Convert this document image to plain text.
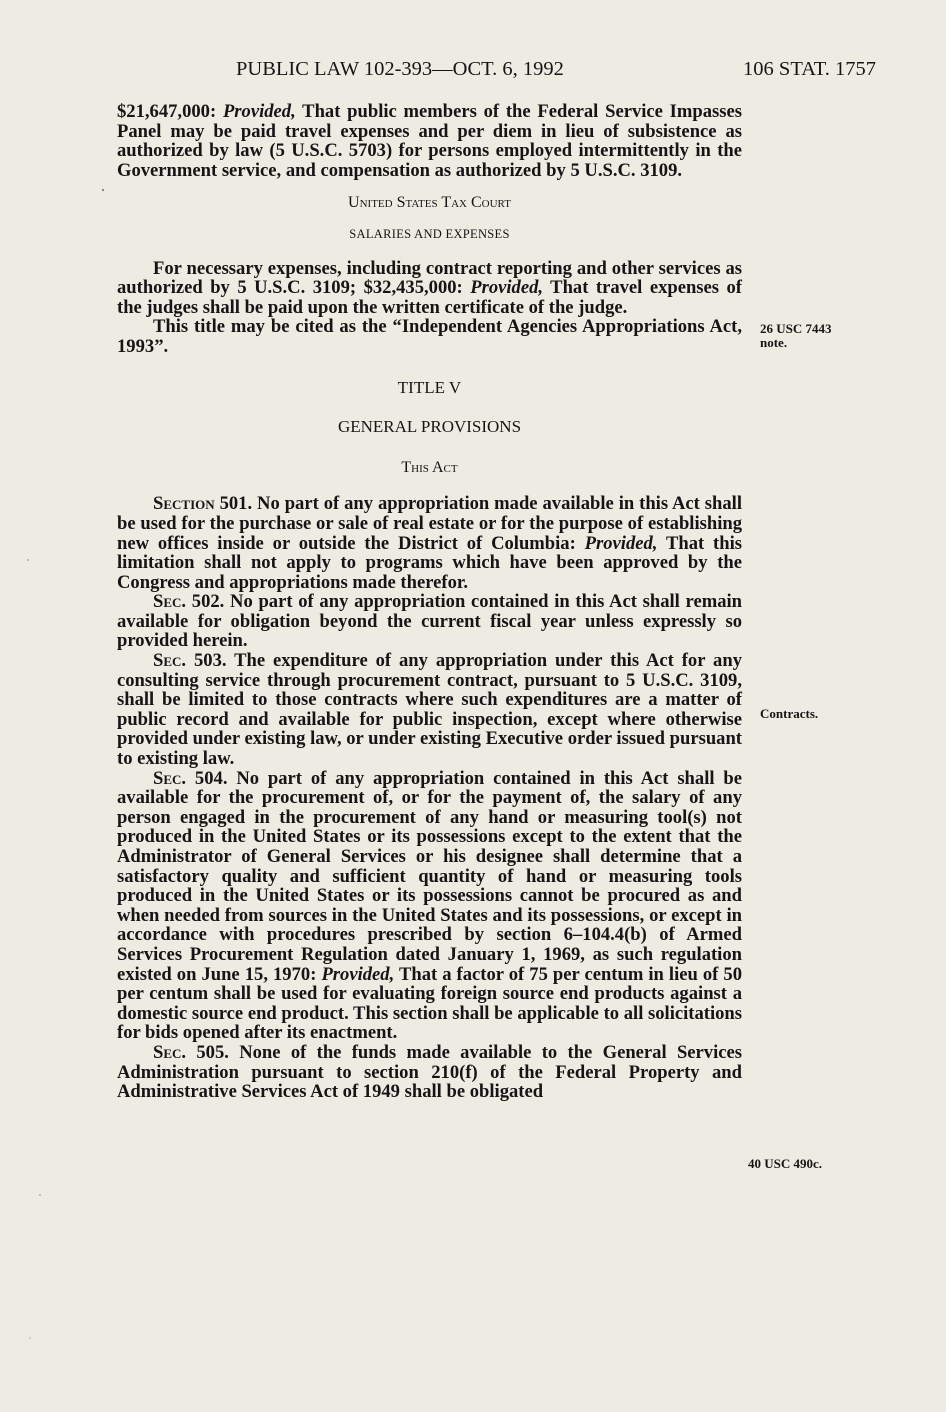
PUBLIC LAW 102-393—OCT. 6, 1992	106 STAT. 1757

$21,647,000: Provided, That public members of the Federal Service Impasses Panel may be paid travel expenses and per diem in lieu of subsistence as authorized by law (5 U.S.C. 5703) for persons employed intermittently in the Government service, and compensation as authorized by 5 U.S.C. 3109.

United States Tax Court
SALARIES AND EXPENSES

For necessary expenses, including contract reporting and other services as authorized by 5 U.S.C. 3109; $32,435,000: Provided, That travel expenses of the judges shall be paid upon the written certificate of the judge.

This title may be cited as the “Independent Agencies Appropriations Act, 1993”.

TITLE V
GENERAL PROVISIONS
This Act

Section 501. No part of any appropriation made available in this Act shall be used for the purchase or sale of real estate or for the purpose of establishing new offices inside or outside the District of Columbia: Provided, That this limitation shall not apply to programs which have been approved by the Congress and appropriations made therefor.

Sec. 502. No part of any appropriation contained in this Act shall remain available for obligation beyond the current fiscal year unless expressly so provided herein.

Sec. 503. The expenditure of any appropriation under this Act for any consulting service through procurement contract, pursuant to 5 U.S.C. 3109, shall be limited to those contracts where such expenditures are a matter of public record and available for public inspection, except where otherwise provided under existing law, or under existing Executive order issued pursuant to existing law.

Sec. 504. No part of any appropriation contained in this Act shall be available for the procurement of, or for the payment of, the salary of any person engaged in the procurement of any hand or measuring tool(s) not produced in the United States or its possessions except to the extent that the Administrator of General Services or his designee shall determine that a satisfactory quality and sufficient quantity of hand or measuring tools produced in the United States or its possessions cannot be procured as and when needed from sources in the United States and its possessions, or except in accordance with procedures prescribed by section 6–104.4(b) of Armed Services Procurement Regulation dated January 1, 1969, as such regulation existed on June 15, 1970: Provided, That a factor of 75 per centum in lieu of 50 per centum shall be used for evaluating foreign source end products against a domestic source end product. This section shall be applicable to all solicitations for bids opened after its enactment.

Sec. 505. None of the funds made available to the General Services Administration pursuant to section 210(f) of the Federal Property and Administrative Services Act of 1949 shall be obligated

26 USC 7443
note.
Contracts.
40 USC 490c.
